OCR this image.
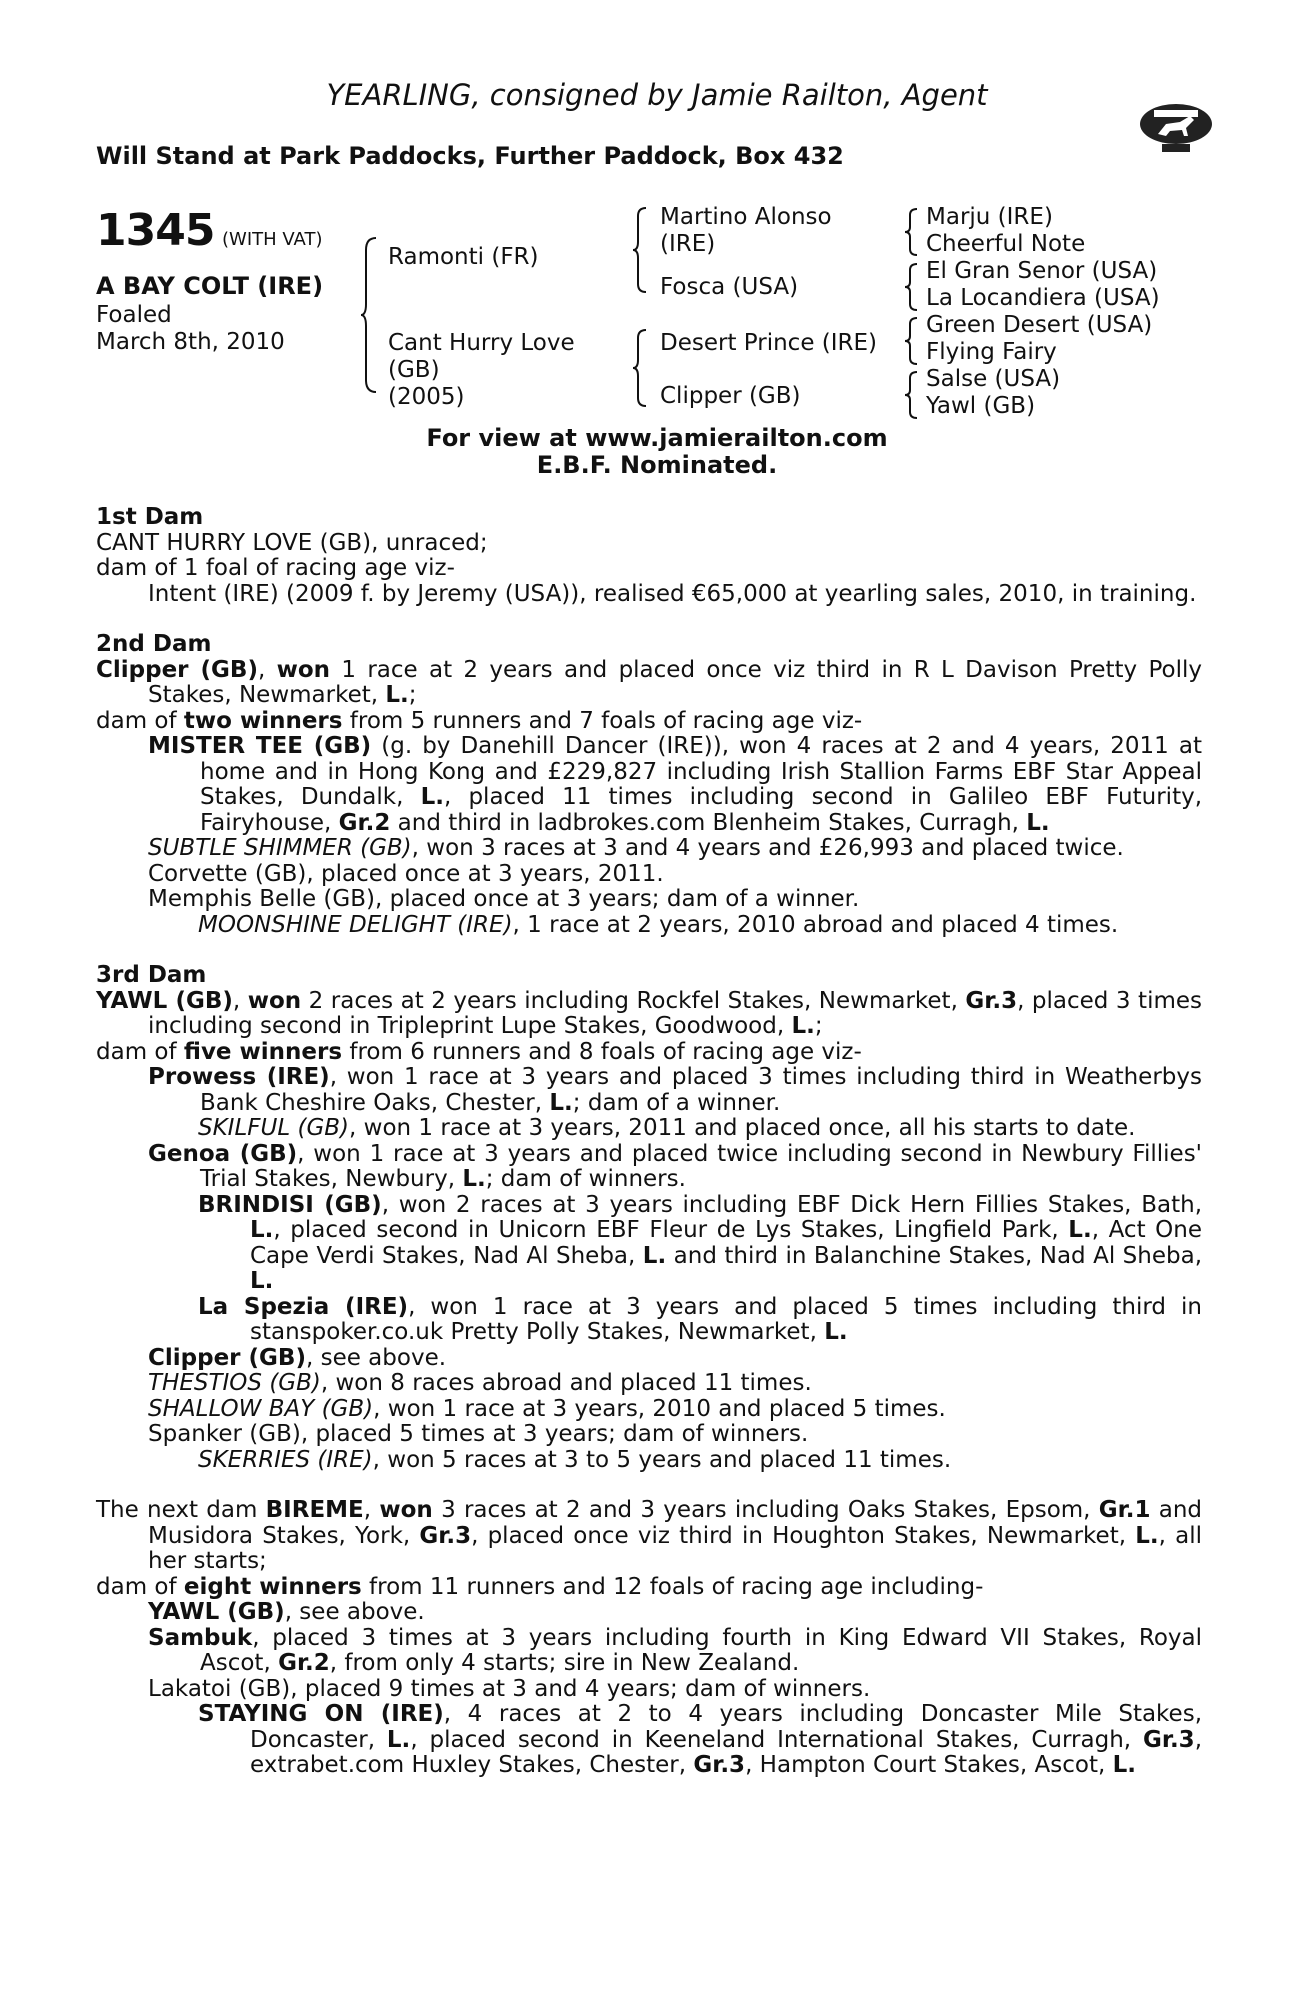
YEARLING, consigned by Jamie Railton, Agent
Will Stand at Park Paddocks, Further Paddock, Box 432
1345 (WITH VAT)
A BAY COLT (IRE)
Foaled
March 8th, 2010
Ramonti (FR)
Cant Hurry Love
(GB)
(2005)
Martino Alonso
(IRE)
Fosca (USA)
Desert Prince (IRE)
Clipper (GB)
Marju (IRE)
Cheerful Note
El Gran Senor (USA)
La Locandiera (USA)
Green Desert (USA)
Flying Fairy
Salse (USA)
Yawl (GB)
For view at www.jamierailton.com
E.B.F. Nominated.
1st Dam

CANT HURRY LOVE (GB), unraced;

dam of 1 foal of racing age viz-

Intent (IRE) (2009 f. by Jeremy (USA)), realised €65,000 at yearling sales, 2010, in training.

2nd Dam

Clipper (GB), won 1 race at 2 years and placed once viz third in R L Davison Pretty Polly Stakes, Newmarket, L.;

dam of two winners from 5 runners and 7 foals of racing age viz-

MISTER TEE (GB) (g. by Danehill Dancer (IRE)), won 4 races at 2 and 4 years, 2011 at home and in Hong Kong and £229,827 including Irish Stallion Farms EBF Star Appeal Stakes, Dundalk, L., placed 11 times including second in Galileo EBF Futurity, Fairyhouse, Gr.2 and third in ladbrokes.com Blenheim Stakes, Curragh, L.

SUBTLE SHIMMER (GB), won 3 races at 3 and 4 years and £26,993 and placed twice.

Corvette (GB), placed once at 3 years, 2011.

Memphis Belle (GB), placed once at 3 years; dam of a winner.

MOONSHINE DELIGHT (IRE), 1 race at 2 years, 2010 abroad and placed 4 times.

3rd Dam

YAWL (GB), won 2 races at 2 years including Rockfel Stakes, Newmarket, Gr.3, placed 3 times including second in Tripleprint Lupe Stakes, Goodwood, L.;

dam of five winners from 6 runners and 8 foals of racing age viz-

Prowess (IRE), won 1 race at 3 years and placed 3 times including third in Weatherbys Bank Cheshire Oaks, Chester, L.; dam of a winner.

SKILFUL (GB), won 1 race at 3 years, 2011 and placed once, all his starts to date.

Genoa (GB), won 1 race at 3 years and placed twice including second in Newbury Fillies' Trial Stakes, Newbury, L.; dam of winners.

BRINDISI (GB), won 2 races at 3 years including EBF Dick Hern Fillies Stakes, Bath, L., placed second in Unicorn EBF Fleur de Lys Stakes, Lingfield Park, L., Act One Cape Verdi Stakes, Nad Al Sheba, L. and third in Balanchine Stakes, Nad Al Sheba, L.

La Spezia (IRE), won 1 race at 3 years and placed 5 times including third in stanspoker.co.uk Pretty Polly Stakes, Newmarket, L.

Clipper (GB), see above.

THESTIOS (GB), won 8 races abroad and placed 11 times.

SHALLOW BAY (GB), won 1 race at 3 years, 2010 and placed 5 times.

Spanker (GB), placed 5 times at 3 years; dam of winners.

SKERRIES (IRE), won 5 races at 3 to 5 years and placed 11 times.

The next dam BIREME, won 3 races at 2 and 3 years including Oaks Stakes, Epsom, Gr.1 and Musidora Stakes, York, Gr.3, placed once viz third in Houghton Stakes, Newmarket, L., all her starts;

dam of eight winners from 11 runners and 12 foals of racing age including-

YAWL (GB), see above.

Sambuk, placed 3 times at 3 years including fourth in King Edward VII Stakes, Royal Ascot, Gr.2, from only 4 starts; sire in New Zealand.

Lakatoi (GB), placed 9 times at 3 and 4 years; dam of winners.

STAYING ON (IRE), 4 races at 2 to 4 years including Doncaster Mile Stakes, Doncaster, L., placed second in Keeneland International Stakes, Curragh, Gr.3, extrabet.com Huxley Stakes, Chester, Gr.3, Hampton Court Stakes, Ascot, L.
